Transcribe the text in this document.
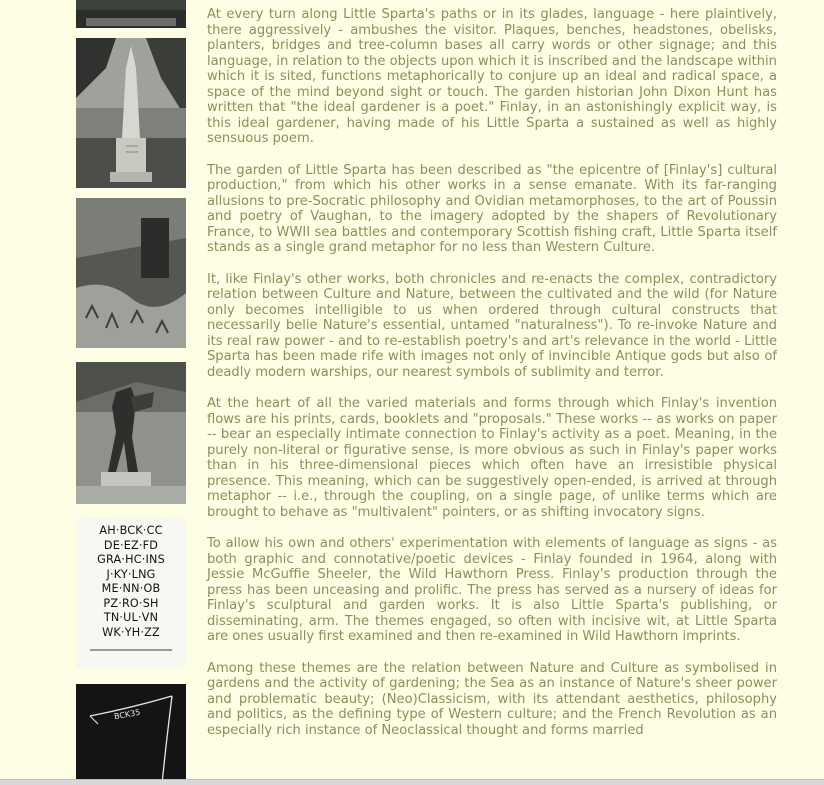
AH·BCK·CC
DE·EZ·FD
GRA·HC·INS
J·KY·LNG
ME·NN·OB
PZ·RO·SH
TN·UL·VN
WK·YH·ZZ
BCK35

At every turn along Little Sparta's paths or in its glades, language - here plaintively, there aggressively - ambushes the visitor. Plaques, benches, headstones, obelisks, planters, bridges and tree-column bases all carry words or other signage; and this language, in relation to the objects upon which it is inscribed and the landscape within which it is sited, functions metaphorically to conjure up an ideal and radical space, a space of the mind beyond sight or touch. The garden historian John Dixon Hunt has written that "the ideal gardener is a poet." Finlay, in an astonishingly explicit way, is this ideal gardener, having made of his Little Sparta a sustained as well as highly sensuous poem.

The garden of Little Sparta has been described as "the epicentre of [Finlay's] cultural production," from which his other works in a sense emanate. With its far-ranging allusions to pre-Socratic philosophy and Ovidian metamorphoses, to the art of Poussin and poetry of Vaughan, to the imagery adopted by the shapers of Revolutionary France, to WWII sea battles and contemporary Scottish fishing craft, Little Sparta itself stands as a single grand metaphor for no less than Western Culture.

It, like Finlay's other works, both chronicles and re-enacts the complex, contradictory relation between Culture and Nature, between the cultivated and the wild (for Nature only becomes intelligible to us when ordered through cultural constructs that necessarily belie Nature's essential, untamed "naturalness"). To re-invoke Nature and its real raw power - and to re-establish poetry's and art's relevance in the world - Little Sparta has been made rife with images not only of invincible Antique gods but also of deadly modern warships, our nearest symbols of sublimity and terror.

At the heart of all the varied materials and forms through which Finlay's invention flows are his prints, cards, booklets and "proposals." These works -- as works on paper -- bear an especially intimate connection to Finlay's activity as a poet. Meaning, in the purely non-literal or figurative sense, is more obvious as such in Finlay's paper works than in his three-dimensional pieces which often have an irresistible physical presence. This meaning, which can be suggestively open-ended, is arrived at through metaphor -- i.e., through the coupling, on a single page, of unlike terms which are brought to behave as "multivalent" pointers, or as shifting invocatory signs.

To allow his own and others' experimentation with elements of language as signs - as both graphic and connotative/poetic devices - Finlay founded in 1964, along with Jessie McGuffie Sheeler, the Wild Hawthorn Press. Finlay's production through the press has been unceasing and prolific. The press has served as a nursery of ideas for Finlay's sculptural and garden works. It is also Little Sparta's publishing, or disseminating, arm. The themes engaged, so often with incisive wit, at Little Sparta are ones usually first examined and then re-examined in Wild Hawthorn imprints.

Among these themes are the relation between Nature and Culture as symbolised in gardens and the activity of gardening; the Sea as an instance of Nature's sheer power and problematic beauty; (Neo)Classicism, with its attendant aesthetics, philosophy and politics, as the defining type of Western culture; and the French Revolution as an especially rich instance of Neoclassical thought and forms married
